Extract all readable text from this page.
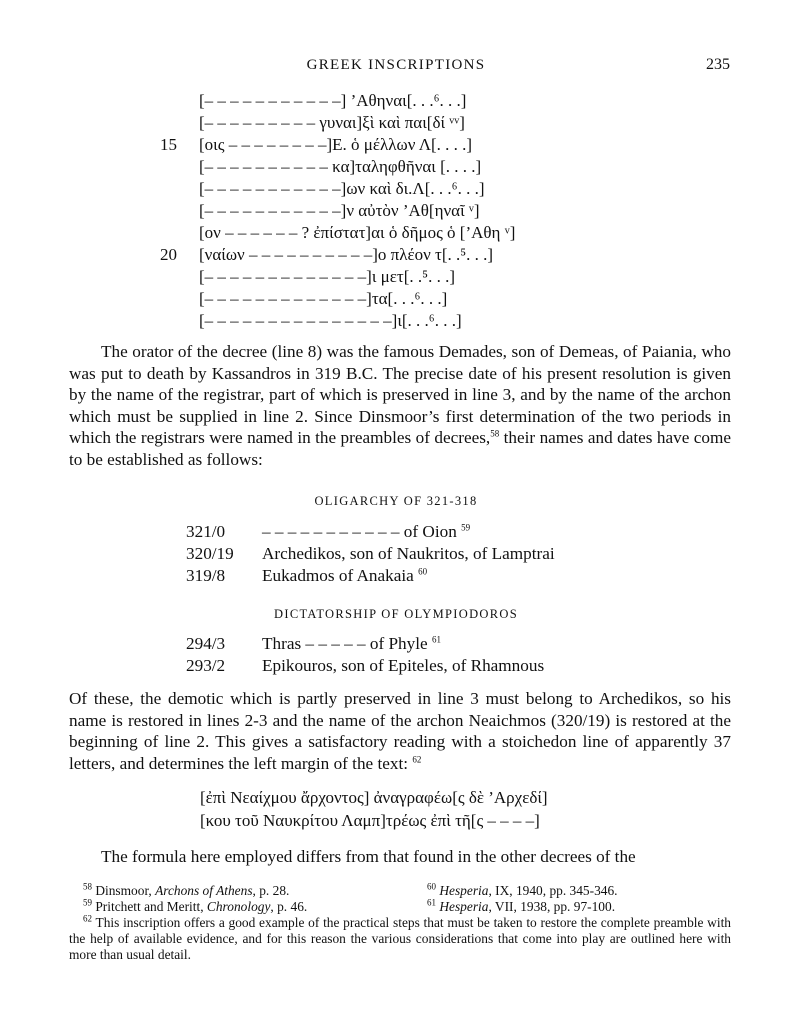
GREEK INSCRIPTIONS	235
[– – – – – – – – – – –] ’Αθηναι[. . .⁶. . .]
[– – – – – – – – – γυναι]ξὶ καὶ παι[δί ᵛᵛ]
15	[οις – – – – – – – –]Ε. ὁ μέλλων Λ[. . . .]
[– – – – – – – – – – κα]ταληφθῆναι [. . . .]
[– – – – – – – – – – –]ων καὶ δι.Λ[. . .⁶. . .]
[– – – – – – – – – – –]ν αὐτὸν ’Αθ[ηναῖ ᵛ]
[ον – – – – – – ? ἐπίστατ]αι ὁ δῆμος ὁ [’Αθη ᵛ]
20	[ναίων – – – – – – – – – –]ο πλέον τ[. .⁵. . .]
[– – – – – – – – – – – – –]ι μετ[. .⁵. . .]
[– – – – – – – – – – – – –]τα[. . .⁶. . .]
[– – – – – – – – – – – – – – –]ι[. . .⁶. . .]

The orator of the decree (line 8) was the famous Demades, son of Demeas, of Paiania, who was put to death by Kassandros in 319 B.C. The precise date of his present resolution is given by the name of the registrar, part of which is preserved in line 3, and by the name of the archon which must be supplied in line 2. Since Dinsmoor’s first determination of the two periods in which the registrars were named in the preambles of decrees,$^{58}$ their names and dates have come to be established as follows:

OLIGARCHY OF 321-318
321/0 – – – – – – – – – – – of Oion $^{59}$
320/19 Archedikos, son of Naukritos, of Lamptrai
319/8 Eukadmos of Anakaia $^{60}$
DICTATORSHIP OF OLYMPIODOROS
294/3 Thras – – – – – of Phyle $^{61}$
293/2 Epikouros, son of Epiteles, of Rhamnous

Of these, the demotic which is partly preserved in line 3 must belong to Archedikos, so his name is restored in lines 2-3 and the name of the archon Neaichmos (320/19) is restored at the beginning of line 2. This gives a satisfactory reading with a stoichedon line of apparently 37 letters, and determines the left margin of the text: $^{62}$

[ἐπὶ Νεαίχμου ἄρχοντος] ἀναγραφέω[ς δὲ ’Αρχεδί]
[κου τοῦ Ναυκρίτου Λαμπ]τρέως ἐπὶ τῆ[ς – – – –]

The formula here employed differs from that found in the other decrees of the

$^{58}$ Dinsmoor, Archons of Athens, p. 28.	$^{60}$ Hesperia, IX, 1940, pp. 345-346.
$^{59}$ Pritchett and Meritt, Chronology, p. 46.	$^{61}$ Hesperia, VII, 1938, pp. 97-100.

$^{62}$ This inscription offers a good example of the practical steps that must be taken to restore the complete preamble with the help of available evidence, and for this reason the various considerations that come into play are outlined here with more than usual detail.
